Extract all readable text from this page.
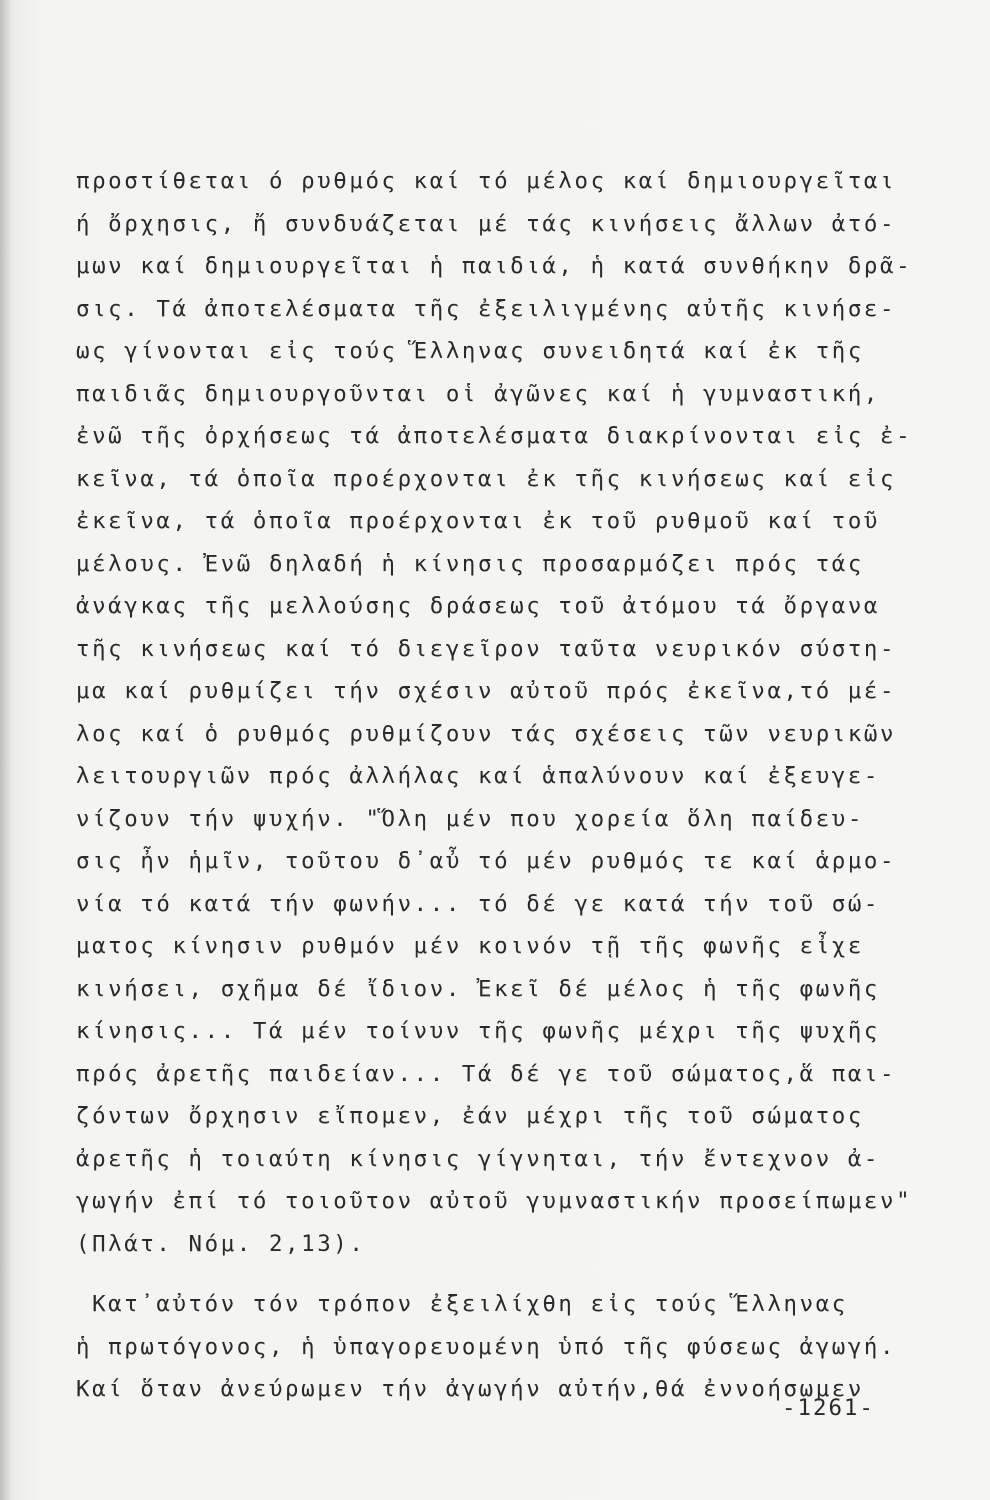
προστίθεται ό ρυθμός καί τό μέλος καί δημιουργεῖται
ή ὄρχησις, ἤ συνδυάζεται μέ τάς κινήσεις ἄλλων ἀτό-
μων καί δημιουργεῖται ἡ παιδιά, ἡ κατά συνθήκην δρᾶ-
σις. Τά ἀποτελέσματα τῆς ἐξειλιγμένης αὐτῆς κινήσε-
ως γίνονται εἰς τούς Ἕλληνας συνειδητά καί ἐκ τῆς
παιδιᾶς δημιουργοῦνται οἱ ἀγῶνες καί ἡ γυμναστική,
ἐνῶ τῆς ὀρχήσεως τά ἀποτελέσματα διακρίνονται εἰς ἐ-
κεῖνα, τά ὁποῖα προέρχονται ἐκ τῆς κινήσεως καί εἰς
ἐκεῖνα, τά ὁποῖα προέρχονται ἐκ τοῦ ρυθμοῦ καί τοῦ
μέλους. Ἐνῶ δηλαδή ἡ κίνησις προσαρμόζει πρός τάς
ἀνάγκας τῆς μελλούσης δράσεως τοῦ ἀτόμου τά ὄργανα
τῆς κινήσεως καί τό διεγεῖρον ταῦτα νευρικόν σύστη-
μα καί ρυθμίζει τήν σχέσιν αὐτοῦ πρός ἐκεῖνα,τό μέ-
λος καί ὁ ρυθμός ρυθμίζουν τάς σχέσεις τῶν νευρικῶν
λειτουργιῶν πρός ἀλλήλας καί ἁπαλύνουν καί ἐξευγε-
νίζουν τήν ψυχήν. "Ὅλη μέν που χορεία ὅλη παίδευ-
σις ἦν ἡμῖν, τοῦτου δ᾽αὖ τό μέν ρυθμός τε καί ἁρμο-
νία τό κατά τήν φωνήν... τό δέ γε κατά τήν τοῦ σώ-
ματος κίνησιν ρυθμόν μέν κοινόν τῇ τῆς φωνῆς εἶχε
κινήσει, σχῆμα δέ ἴδιον. Ἐκεῖ δέ μέλος ἡ τῆς φωνῆς
κίνησις... Τά μέν τοίνυν τῆς φωνῆς μέχρι τῆς ψυχῆς
πρός ἀρετῆς παιδείαν... Τά δέ γε τοῦ σώματος,ἅ παι-
ζόντων ὄρχησιν εἴπομεν, ἐάν μέχρι τῆς τοῦ σώματος
ἀρετῆς ἡ τοιαύτη κίνησις γίγνηται, τήν ἔντεχνον ἀ-
γωγήν ἐπί τό τοιοῦτον αὐτοῦ γυμναστικήν προσείπωμεν"
(Πλάτ. Νόμ. 2,13).
Κατ᾽αὐτόν τόν τρόπον ἐξειλίχθη εἰς τούς Ἕλληνας
ἡ πρωτόγονος, ἡ ὑπαγορευομένη ὑπό τῆς φύσεως ἀγωγή.
Καί ὅταν ἀνεύρωμεν τήν ἀγωγήν αὐτήν,θά ἐννοήσωμεν
-1261-
